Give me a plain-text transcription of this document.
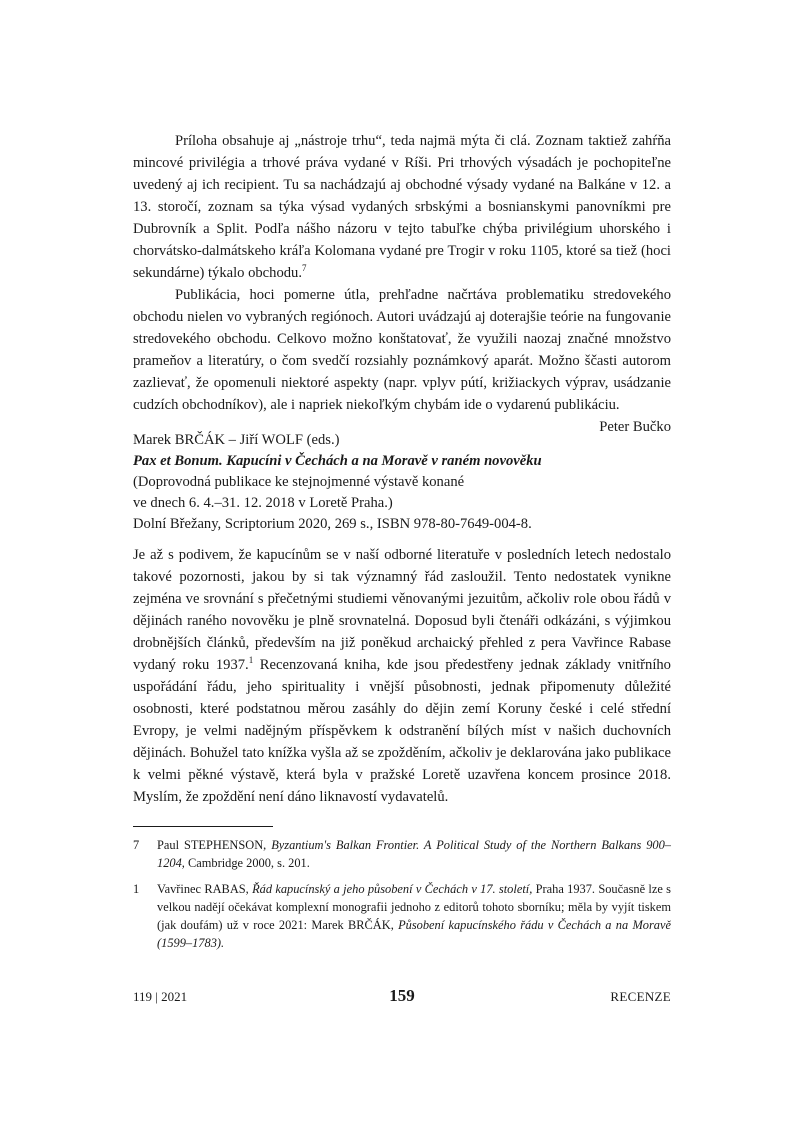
Príloha obsahuje aj „nástroje trhu“, teda najmä mýta či clá. Zoznam taktiež zahŕňa mincové privilégia a trhové práva vydané v Ríši. Pri trhových výsadách je pochopiteľne uvedený aj ich recipient. Tu sa nachádzajú aj obchodné výsady vydané na Balkáne v 12. a 13. storočí, zoznam sa týka výsad vydaných srbskými a bosnianskymi panovníkmi pre Dubrovník a Split. Podľa nášho názoru v tejto tabuľke chýba privilégium uhorského i chorvátsko-dalmátskeho kráľa Kolomana vydané pre Trogir v roku 1105, ktoré sa tiež (hoci sekundárne) týkalo obchodu.$^7$

Publikácia, hoci pomerne útla, prehľadne načrtáva problematiku stredovekého obchodu nielen vo vybraných regiónoch. Autori uvádzajú aj doterajšie teórie na fungovanie stredovekého obchodu. Celkovo možno konštatovať, že využili naozaj značné množstvo prameňov a literatúry, o čom svedčí rozsiahly poznámkový aparát. Možno ščasti autorom zazlievať, že opomenuli niektoré aspekty (napr. vplyv pútí, križiackych výprav, usádzanie cudzích obchodníkov), ale i napriek niekoľkým chybám ide o vydarenú publikáciu.

Peter Bučko
Marek BRČÁK – Jiří WOLF (eds.)
Pax et Bonum. Kapucíni v Čechách a na Moravě v raném novověku
(Doprovodná publikace ke stejnojmenné výstavě konané
ve dnech 6. 4.–31. 12. 2018 v Loretě Praha.)
Dolní Břežany, Scriptorium 2020, 269 s., ISBN 978-80-7649-004-8.

Je až s podivem, že kapucínům se v naší odborné literatuře v posledních letech nedostalo takové pozornosti, jakou by si tak významný řád zasloužil. Tento nedostatek vynikne zejména ve srovnání s přečetnými studiemi věnovanými jezuitům, ačkoliv role obou řádů v dějinách raného novověku je plně srovnatelná. Doposud byli čtenáři odkázáni, s výjimkou drobnějších článků, především na již poněkud archaický přehled z pera Vavřince Rabase vydaný roku 1937.$^1$ Recenzovaná kniha, kde jsou předestřeny jednak základy vnitřního uspořádání řádu, jeho spirituality i vnější působnosti, jednak připomenuty důležité osobnosti, které podstatnou měrou zasáhly do dějin zemí Koruny české i celé střední Evropy, je velmi nadějným příspěvkem k odstranění bílých míst v našich duchovních dějinách. Bohužel tato knížka vyšla až se zpožděním, ačkoliv je deklarována jako publikace k velmi pěkné výstavě, která byla v pražské Loretě uzavřena koncem prosince 2018. Myslím, že zpoždění není dáno liknavostí vydavatelů.

7	Paul STEPHENSON, Byzantium's Balkan Frontier. A Political Study of the Northern Balkans 900–1204, Cambridge 2000, s. 201.
1	Vavřinec RABAS, Řád kapucínský a jeho působení v Čechách v 17. století, Praha 1937. Současně lze s velkou nadějí očekávat komplexní monografii jednoho z editorů tohoto sborníku; měla by vyjít tiskem (jak doufám) už v roce 2021: Marek BRČÁK, Působení kapucínského řádu v Čechách a na Moravě (1599–1783).
119 | 2021	159	RECENZE
